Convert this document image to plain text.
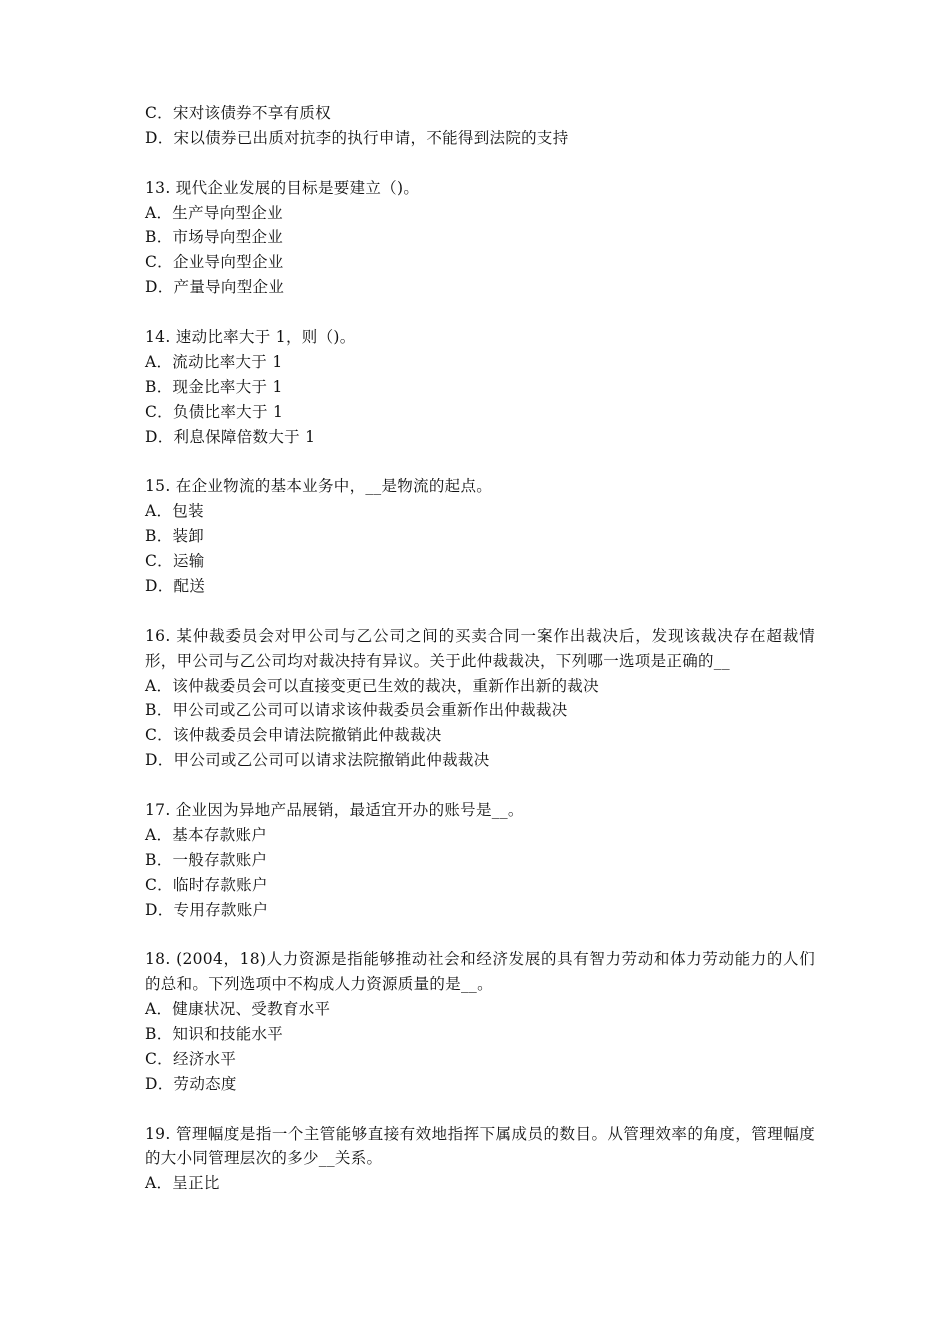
C．宋对该债券不享有质权
D．宋以债券已出质对抗李的执行申请，不能得到法院的支持
13. 现代企业发展的目标是要建立（)。
A．生产导向型企业
B．市场导向型企业
C．企业导向型企业
D．产量导向型企业
14. 速动比率大于 1，则（)。
A．流动比率大于 1
B．现金比率大于 1
C．负债比率大于 1
D．利息保障倍数大于 1
15. 在企业物流的基本业务中，__是物流的起点。
A．包装
B．装卸
C．运输
D．配送
16. 某仲裁委员会对甲公司与乙公司之间的买卖合同一案作出裁决后，发现该裁决存在超裁情形，甲公司与乙公司均对裁决持有异议。关于此仲裁裁决，下列哪一选项是正确的__
A．该仲裁委员会可以直接变更已生效的裁决，重新作出新的裁决
B．甲公司或乙公司可以请求该仲裁委员会重新作出仲裁裁决
C．该仲裁委员会申请法院撤销此仲裁裁决
D．甲公司或乙公司可以请求法院撤销此仲裁裁决
17. 企业因为异地产品展销，最适宜开办的账号是__。
A．基本存款账户
B．一般存款账户
C．临时存款账户
D．专用存款账户
18. (2004，18)人力资源是指能够推动社会和经济发展的具有智力劳动和体力劳动能力的人们的总和。下列选项中不构成人力资源质量的是__。
A．健康状况、受教育水平
B．知识和技能水平
C．经济水平
D．劳动态度
19. 管理幅度是指一个主管能够直接有效地指挥下属成员的数目。从管理效率的角度，管理幅度的大小同管理层次的多少__关系。
A．呈正比
